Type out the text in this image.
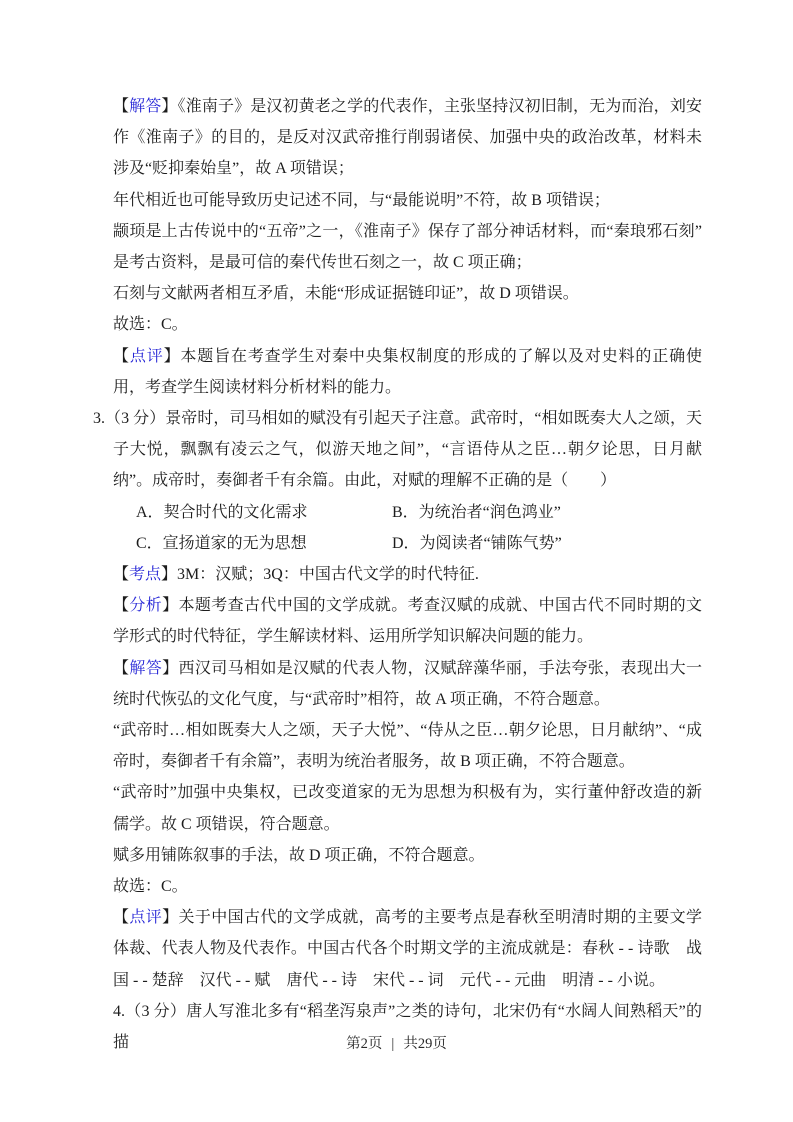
【解答】《淮南子》是汉初黄老之学的代表作，主张坚持汉初旧制，无为而治，刘安作《淮南子》的目的，是反对汉武帝推行削弱诸侯、加强中央的政治改革，材料未涉及“贬抑秦始皇”，故 A 项错误；
年代相近也可能导致历史记述不同，与“最能说明”不符，故 B 项错误；
颛顼是上古传说中的“五帝”之一，《淮南子》保存了部分神话材料，而“秦琅邪石刻”是考古资料，是最可信的秦代传世石刻之一，故 C 项正确；
石刻与文献两者相互矛盾，未能“形成证据链印证”，故 D 项错误。
故选：C。
【点评】本题旨在考查学生对秦中央集权制度的形成的了解以及对史料的正确使用，考查学生阅读材料分析材料的能力。
3.（3 分）景帝时，司马相如的赋没有引起天子注意。武帝时，“相如既奏大人之颂，天子大悦，飘飘有凌云之气，似游天地之间”，“言语侍从之臣…朝夕论思，日月献纳”。成帝时，奏御者千有余篇。由此，对赋的理解不正确的是（　　）
A．契合时代的文化需求	B．为统治者“润色鸿业”
C．宣扬道家的无为思想	D．为阅读者“铺陈气势”
【考点】3M：汉赋；3Q：中国古代文学的时代特征.
【分析】本题考查古代中国的文学成就。考查汉赋的成就、中国古代不同时期的文学形式的时代特征，学生解读材料、运用所学知识解决问题的能力。
【解答】西汉司马相如是汉赋的代表人物，汉赋辞藻华丽，手法夸张，表现出大一统时代恢弘的文化气度，与“武帝时”相符，故 A 项正确，不符合题意。
“武帝时…相如既奏大人之颂，天子大悦”、“侍从之臣…朝夕论思，日月献纳”、“成帝时，奏御者千有余篇”，表明为统治者服务，故 B 项正确，不符合题意。
“武帝时”加强中央集权，已改变道家的无为思想为积极有为，实行董仲舒改造的新儒学。故 C 项错误，符合题意。
赋多用铺陈叙事的手法，故 D 项正确，不符合题意。
故选：C。
【点评】关于中国古代的文学成就，高考的主要考点是春秋至明清时期的主要文学体裁、代表人物及代表作。中国古代各个时期文学的主流成就是：春秋 - - 诗歌　战国 - - 楚辞　汉代 - - 赋　唐代 - - 诗　宋代 - - 词　元代 - - 元曲　明清 - - 小说。
4.（3 分）唐人写淮北多有“稻垄泻泉声”之类的诗句，北宋仍有“水阔人间熟稻天”的描	第2页 | 共29页
